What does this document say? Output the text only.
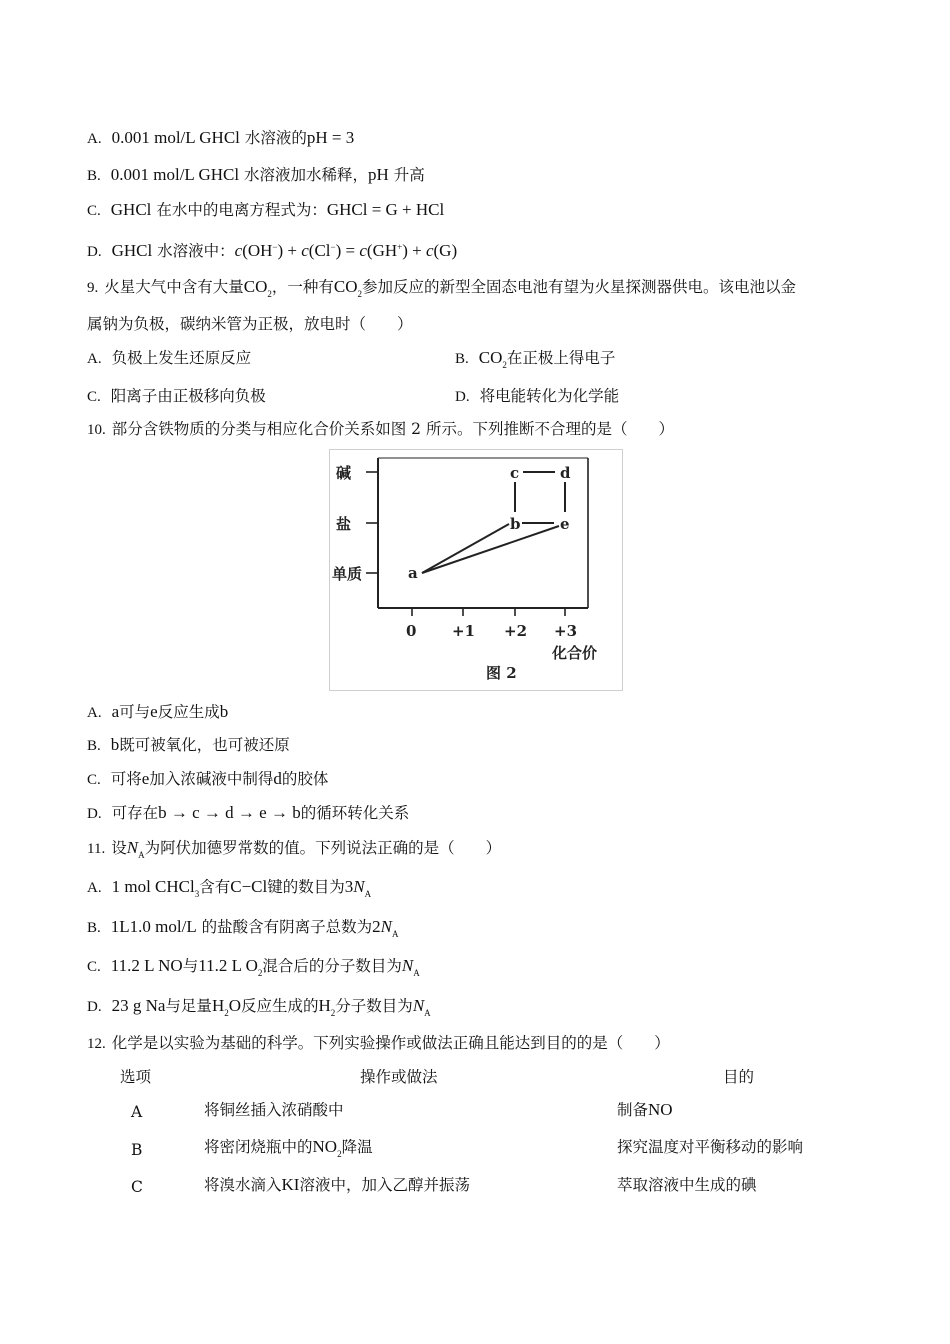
A. 0.001 mol/L GHCl 水溶液的pH = 3
B. 0.001 mol/L GHCl 水溶液加水稀释，pH 升高
C. GHCl 在水中的电离方程式为：GHCl = G + HCl
D. GHCl 水溶液中：c(OH−) + c(Cl−) = c(GH+) + c(G)
9. 火星大气中含有大量$CO_2$，一种有$CO_2$参加反应的新型全固态电池有望为火星探测器供电。该电池以金
属钠为负极，碳纳米管为正极，放电时（　　）
A. 负极上发生还原反应	B. $CO_2$在正极上得电子
C. 阳离子由正极移向负极	D. 将电能转化为化学能
10. 部分含铁物质的分类与相应化合价关系如图 2 所示。下列推断不合理的是（　　）
碱
盐
单质
0 +1 +2 +3
化合价
图 2
a
b
c	d
e
A. a可与e反应生成b
B. b既可被氧化，也可被还原
C. 可将e加入浓碱液中制得d的胶体
D. 可存在b → c → d → e → b的循环转化关系
11. 设$N_A$为阿伏加德罗常数的值。下列说法正确的是（　　）
A. 1 mol CHCl$_3$含有C−Cl键的数目为$3N_A$
B. 1L1.0 mol/L 的盐酸含有阴离子总数为$2N_A$
C. 11.2 L NO与11.2 L $O_2$混合后的分子数目为$N_A$
D. 23 g Na与足量$H_2O$反应生成的$H_2$分子数目为$N_A$
12. 化学是以实验为基础的科学。下列实验操作或做法正确且能达到目的的是（　　）
选项	操作或做法	目的
A	将铜丝插入浓硝酸中	制备NO
B	将密闭烧瓶中的$NO_2$降温	探究温度对平衡移动的影响
C	将溴水滴入KI溶液中，加入乙醇并振荡	萃取溶液中生成的碘
